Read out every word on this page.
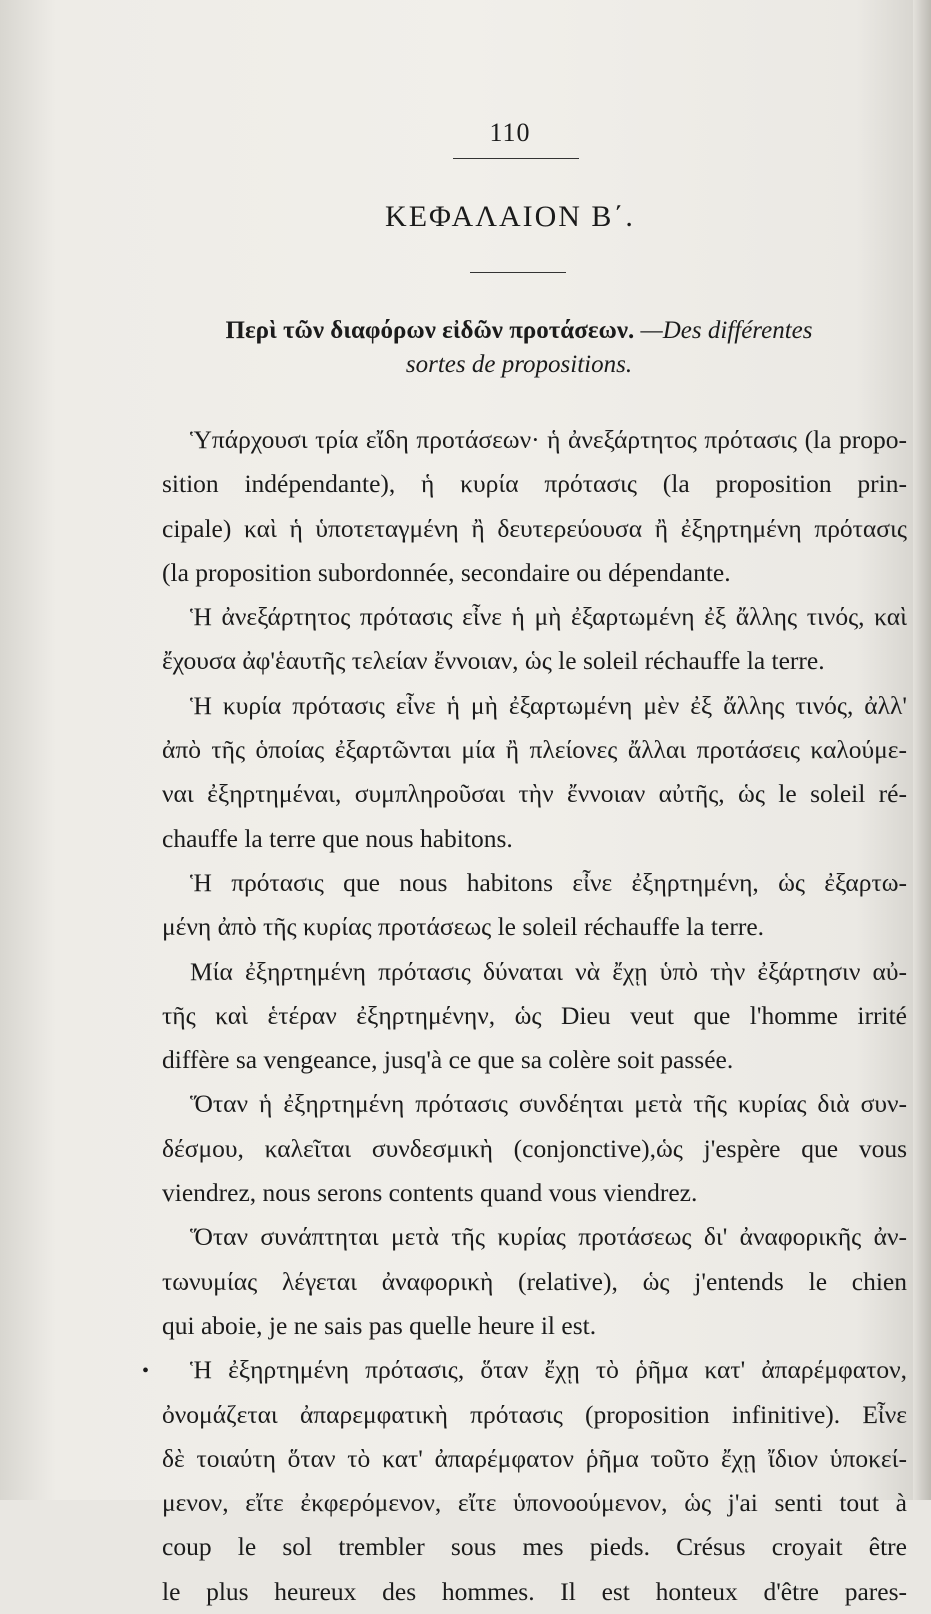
110
ΚΕΦΑΛΑΙΟΝ Β΄.
Περὶ τῶν διαφόρων εἰδῶν προτάσεων. —Des différentes
sortes de propositions.
Ὑπάρχουσι τρία εἴδη προτάσεων· ἡ ἀνεξάρτητος πρότασις (la propo-
sition indépendante), ἡ κυρία πρότασις (la proposition prin-
cipale) καὶ ἡ ὑποτεταγμένη ἢ δευτερεύουσα ἢ ἐξηρτημένη πρότασις
(la proposition subordonnée, secondaire ou dépendante.
Ἡ ἀνεξάρτητος πρότασις εἶνε ἡ μὴ ἐξαρτωμένη ἐξ ἄλλης τινός, καὶ
ἔχουσα ἀφ'ἑαυτῆς τελείαν ἔννοιαν, ὡς le soleil réchauffe la terre.
Ἡ κυρία πρότασις εἶνε ἡ μὴ ἐξαρτωμένη μὲν ἐξ ἄλλης τινός, ἀλλ'
ἀπὸ τῆς ὁποίας ἐξαρτῶνται μία ἢ πλείονες ἄλλαι προτάσεις καλούμε-
ναι ἐξηρτημέναι, συμπληροῦσαι τὴν ἔννοιαν αὐτῆς, ὡς le soleil ré-
chauffe la terre que nous habitons.
Ἡ πρότασις que nous habitons εἶνε ἐξηρτημένη, ὡς ἐξαρτω-
μένη ἀπὸ τῆς κυρίας προτάσεως le soleil réchauffe la terre.
Μία ἐξηρτημένη πρότασις δύναται νὰ ἔχῃ ὑπὸ τὴν ἐξάρτησιν αὐ-
τῆς καὶ ἑτέραν ἐξηρτημένην, ὡς Dieu veut que l'homme irrité
diffère sa vengeance, jusq'à ce que sa colère soit passée.
Ὅταν ἡ ἐξηρτημένη πρότασις συνδέηται μετὰ τῆς κυρίας διὰ συν-
δέσμου, καλεῖται συνδεσμικὴ (conjonctive),ὡς j'espère que vous
viendrez, nous serons contents quand vous viendrez.
Ὅταν συνάπτηται μετὰ τῆς κυρίας προτάσεως δι' ἀναφορικῆς ἀν-
τωνυμίας λέγεται ἀναφορικὴ (relative), ὡς j'entends le chien
qui aboie, je ne sais pas quelle heure il est.
Ἡ ἐξηρτημένη πρότασις, ὅταν ἔχῃ τὸ ῥῆμα κατ' ἀπαρέμφατον,
ὀνομάζεται ἀπαρεμφατικὴ πρότασις (proposition infinitive). Εἶνε
δὲ τοιαύτη ὅταν τὸ κατ' ἀπαρέμφατον ῥῆμα τοῦτο ἔχῃ ἴδιον ὑποκεί-
μενον, εἴτε ἐκφερόμενον, εἴτε ὑπονοούμενον, ὡς j'ai senti tout à
coup le sol trembler sous mes pieds. Crésus croyait être
le plus heureux des hommes. Il est honteux d'être pares-
•
